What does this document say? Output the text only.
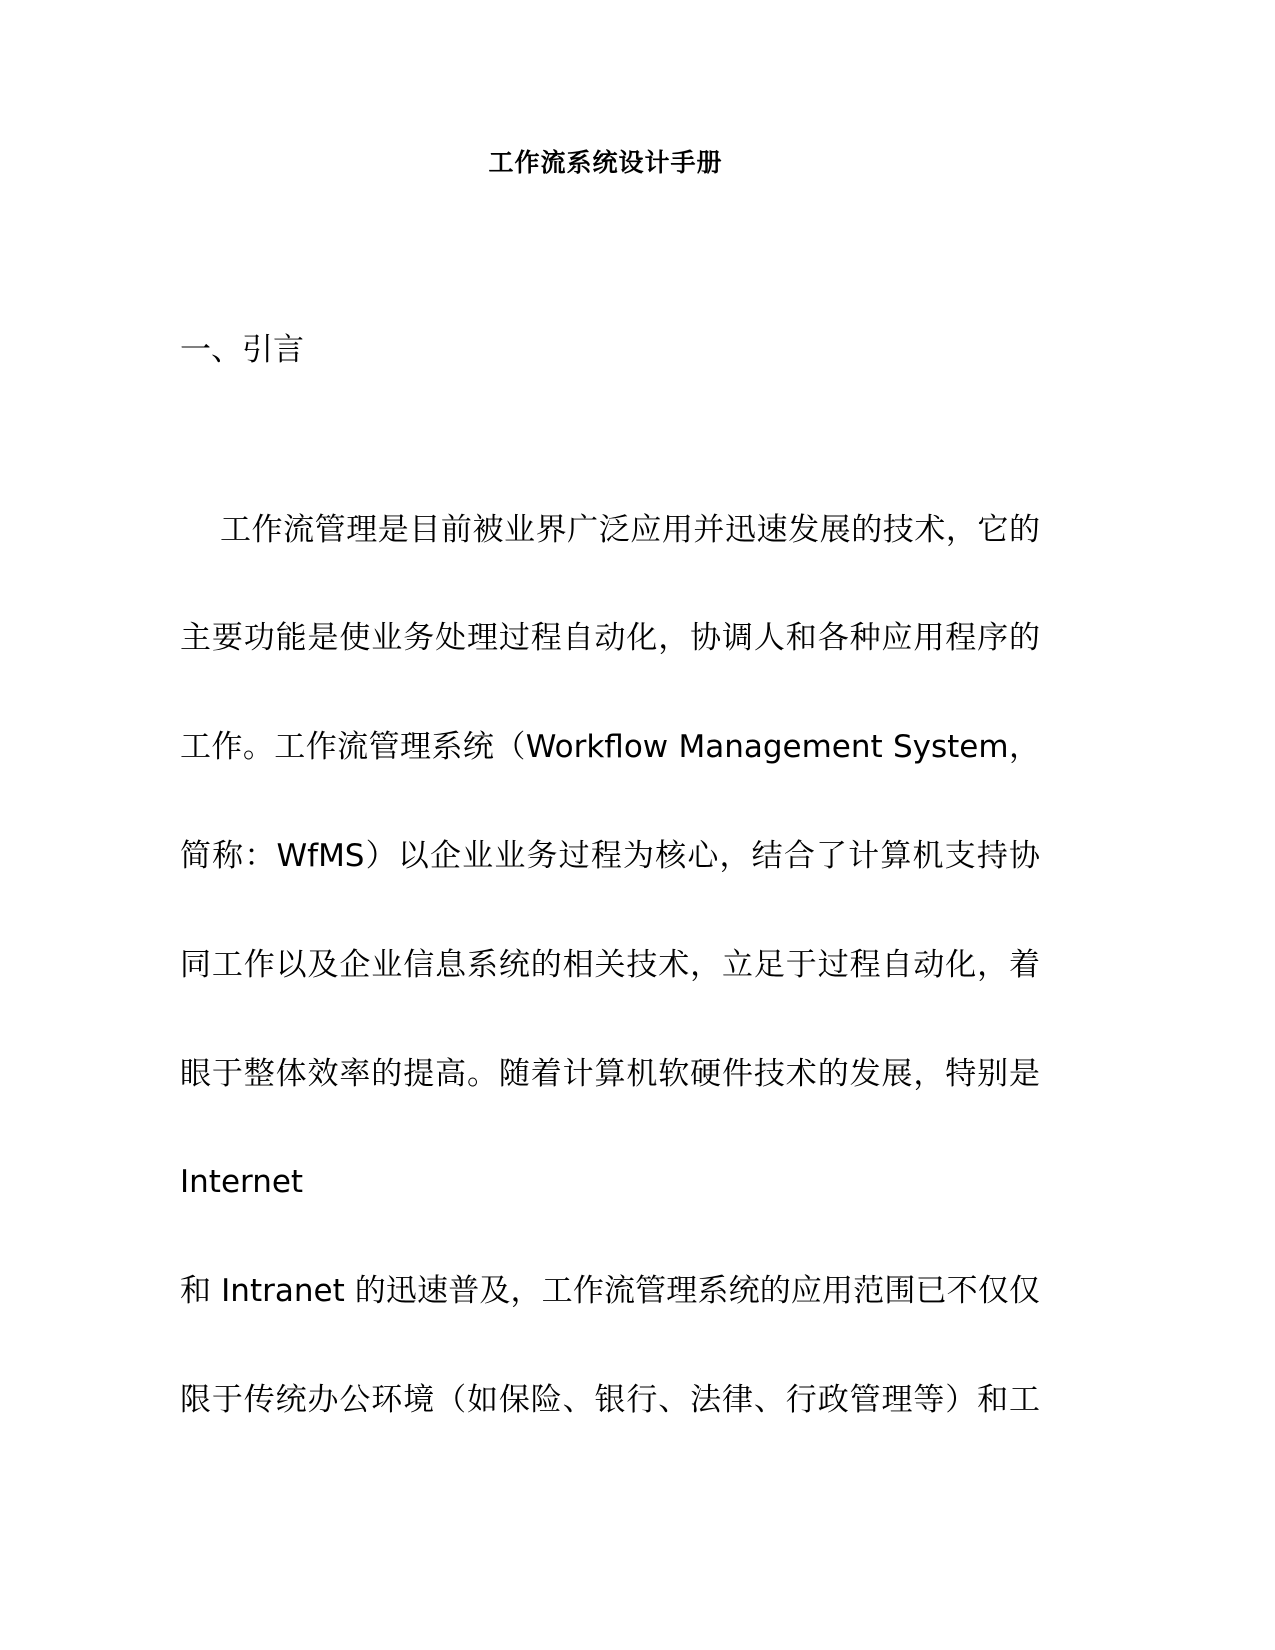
工作流系统设计手册
一、引言
工作流管理是目前被业界广泛应用并迅速发展的技术，它的
主要功能是使业务处理过程自动化，协调人和各种应用程序的
工作。工作流管理系统（Workflow Management System，
简称：WfMS）以企业业务过程为核心，结合了计算机支持协
同工作以及企业信息系统的相关技术，立足于过程自动化，着
眼于整体效率的提高。随着计算机软硬件技术的发展，特别是
Internet
和 Intranet 的迅速普及，工作流管理系统的应用范围已不仅仅
限于传统办公环境（如保险、银行、法律、行政管理等）和工
